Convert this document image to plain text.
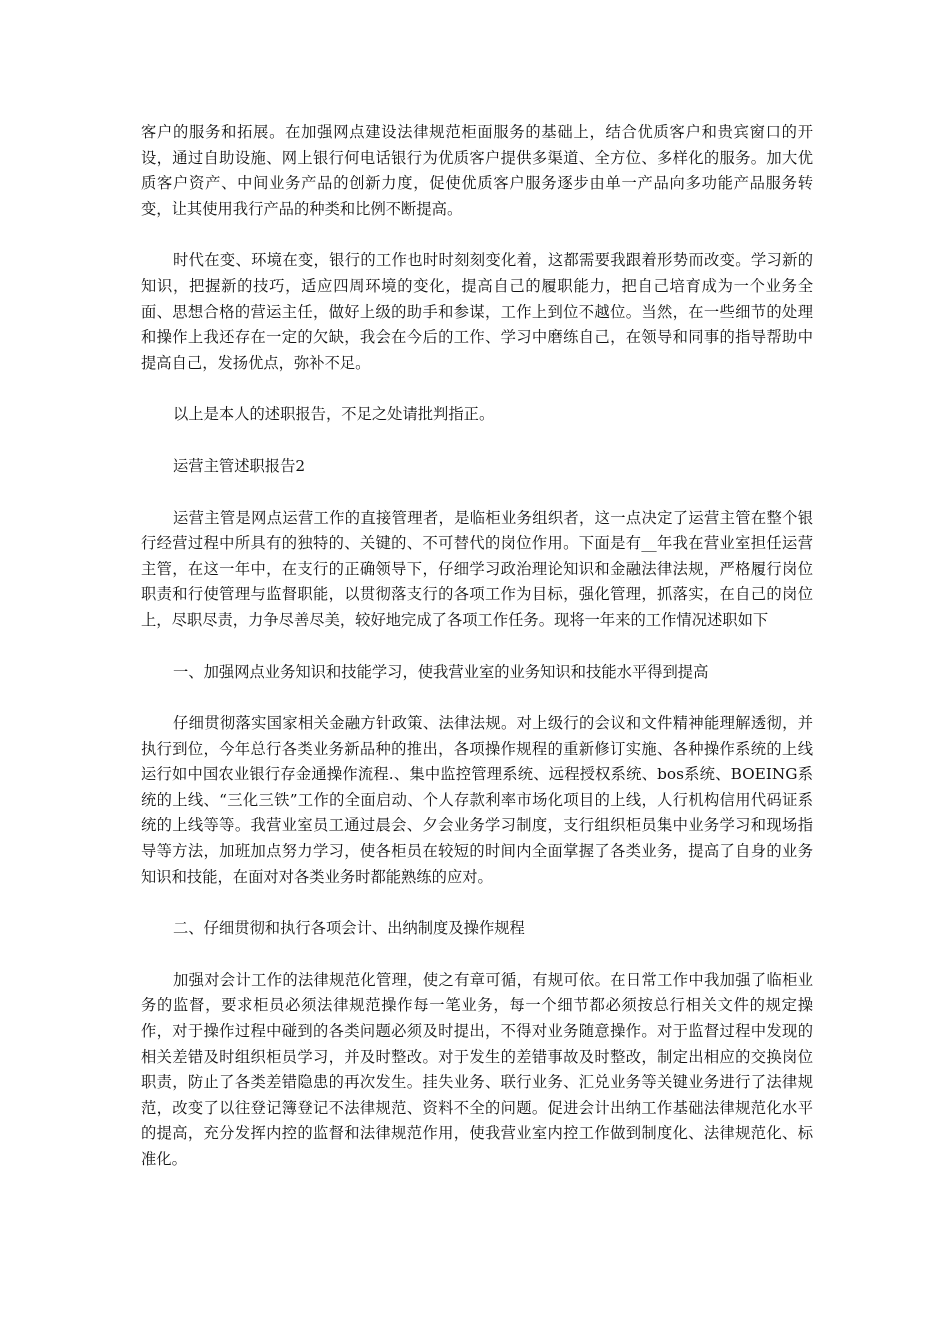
客户的服务和拓展。在加强网点建设法律规范柜面服务的基础上，结合优质客户和贵宾窗口的开设，通过自助设施、网上银行何电话银行为优质客户提供多渠道、全方位、多样化的服务。加大优质客户资产、中间业务产品的创新力度，促使优质客户服务逐步由单一产品向多功能产品服务转变，让其使用我行产品的种类和比例不断提高。

时代在变、环境在变，银行的工作也时时刻刻变化着，这都需要我跟着形势而改变。学习新的知识，把握新的技巧，适应四周环境的变化，提高自己的履职能力，把自己培育成为一个业务全面、思想合格的营运主任，做好上级的助手和参谋，工作上到位不越位。当然，在一些细节的处理和操作上我还存在一定的欠缺，我会在今后的工作、学习中磨练自己，在领导和同事的指导帮助中提高自己，发扬优点，弥补不足。

以上是本人的述职报告，不足之处请批判指正。

运营主管述职报告2

运营主管是网点运营工作的直接管理者，是临柜业务组织者，这一点决定了运营主管在整个银行经营过程中所具有的独特的、关键的、不可替代的岗位作用。下面是有__年我在营业室担任运营主管，在这一年中，在支行的正确领导下，仔细学习政治理论知识和金融法律法规，严格履行岗位职责和行使管理与监督职能，以贯彻落支行的各项工作为目标，强化管理，抓落实，在自己的岗位上，尽职尽责，力争尽善尽美，较好地完成了各项工作任务。现将一年来的工作情况述职如下

一、加强网点业务知识和技能学习，使我营业室的业务知识和技能水平得到提高

仔细贯彻落实国家相关金融方针政策、法律法规。对上级行的会议和文件精神能理解透彻，并执行到位，今年总行各类业务新品种的推出，各项操作规程的重新修订实施、各种操作系统的上线运行如中国农业银行存金通操作流程.、集中监控管理系统、远程授权系统、bos系统、BOEING系统的上线、“三化三铁”工作的全面启动、个人存款利率市场化项目的上线，人行机构信用代码证系统的上线等等。我营业室员工通过晨会、夕会业务学习制度，支行组织柜员集中业务学习和现场指导等方法，加班加点努力学习，使各柜员在较短的时间内全面掌握了各类业务，提高了自身的业务知识和技能，在面对对各类业务时都能熟练的应对。

二、仔细贯彻和执行各项会计、出纳制度及操作规程

加强对会计工作的法律规范化管理，使之有章可循，有规可依。在日常工作中我加强了临柜业务的监督，要求柜员必须法律规范操作每一笔业务，每一个细节都必须按总行相关文件的规定操作，对于操作过程中碰到的各类问题必须及时提出，不得对业务随意操作。对于监督过程中发现的相关差错及时组织柜员学习，并及时整改。对于发生的差错事故及时整改，制定出相应的交换岗位职责，防止了各类差错隐患的再次发生。挂失业务、联行业务、汇兑业务等关键业务进行了法律规范，改变了以往登记簿登记不法律规范、资料不全的问题。促进会计出纳工作基础法律规范化水平的提高，充分发挥内控的监督和法律规范作用，使我营业室内控工作做到制度化、法律规范化、标准化。
